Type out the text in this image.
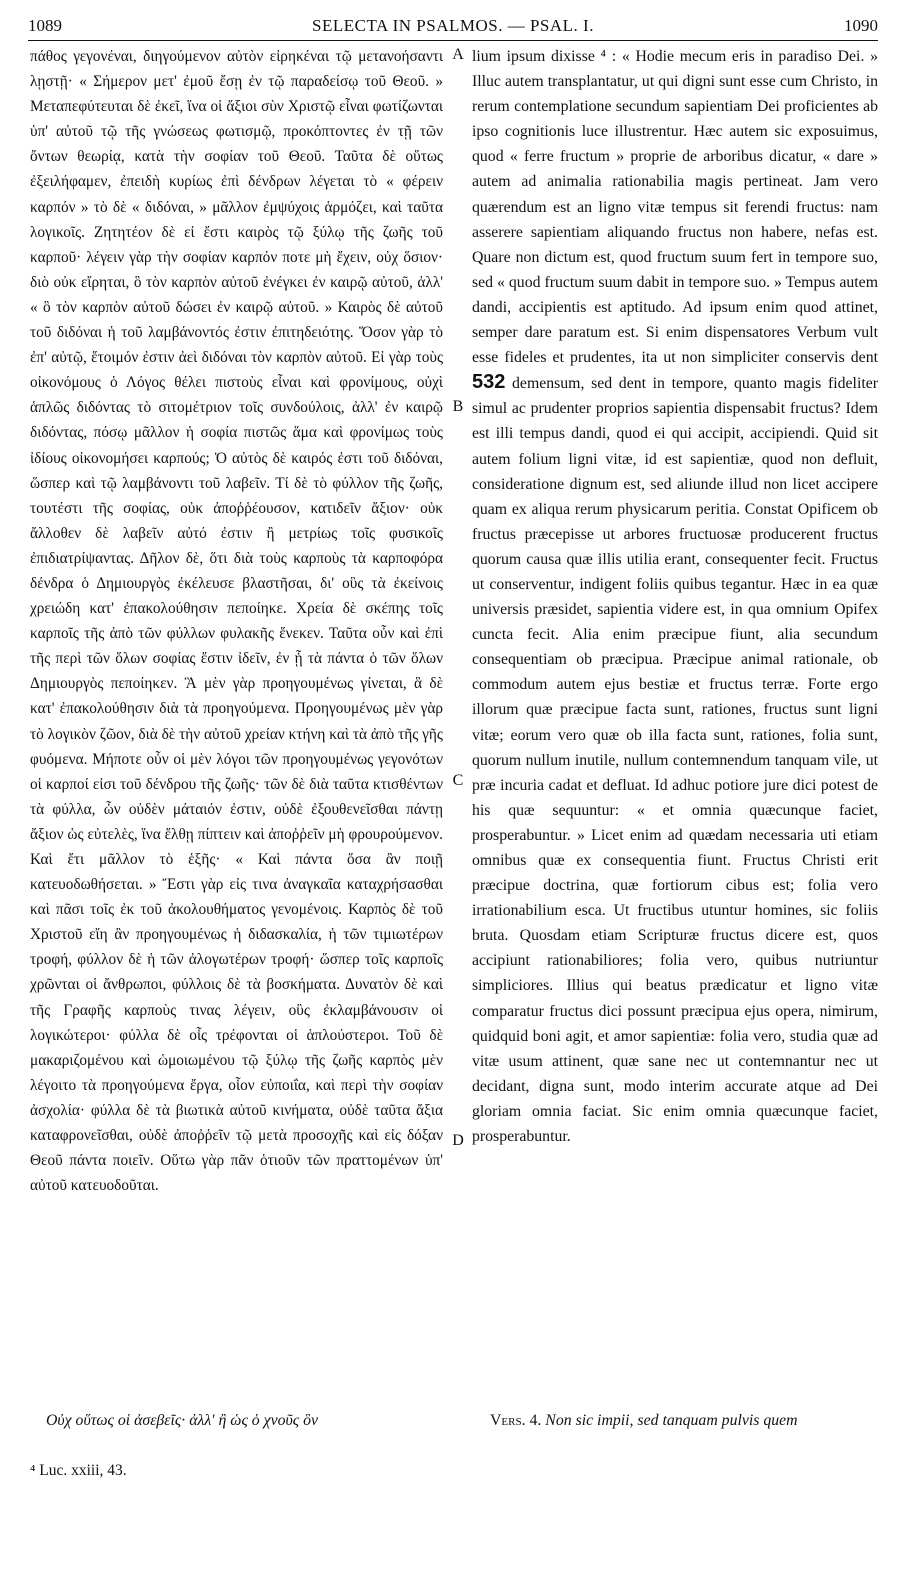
1089	SELECTA IN PSALMOS. — PSAL. I.	1090

πάθος γεγονέναι, διηγούμενον αὐτὸν εἰρηκέναι τῷ μετανοήσαντι λῃστῇ· « Σήμερον μετ' ἐμοῦ ἔσῃ ἐν τῷ παραδείσῳ τοῦ Θεοῦ. » Μεταπεφύτευται δὲ ἐκεῖ, ἵνα οἱ ἄξιοι σὺν Χριστῷ εἶναι φωτίζωνται ὑπ' αὐτοῦ τῷ τῆς γνώσεως φωτισμῷ, προκόπτοντες ἐν τῇ τῶν ὄντων θεωρίᾳ, κατὰ τὴν σοφίαν τοῦ Θεοῦ. Ταῦτα δὲ οὕτως ἐξειλήφαμεν, ἐπειδὴ κυρίως ἐπὶ δένδρων λέγεται τὸ « φέρειν καρπόν » τὸ δὲ « διδόναι, » μᾶλλον ἐμψύχοις ἁρμόζει, καὶ ταῦτα λογικοῖς. Ζητητέον δὲ εἰ ἔστι καιρὸς τῷ ξύλῳ τῆς ζωῆς τοῦ καρποῦ· λέγειν γὰρ τὴν σοφίαν καρπόν ποτε μὴ ἔχειν, οὐχ ὅσιον· διὸ οὐκ εἴρηται, ὃ τὸν καρπὸν αὐτοῦ ἐνέγκει ἐν καιρῷ αὐτοῦ, ἀλλ' « ὃ τὸν καρπὸν αὐτοῦ δώσει ἐν καιρῷ αὐτοῦ. » Καιρὸς δὲ αὐτοῦ τοῦ διδόναι ἡ τοῦ λαμβάνοντός ἐστιν ἐπιτηδειότης. Ὅσον γὰρ τὸ ἐπ' αὐτῷ, ἕτοιμόν ἐστιν ἀεὶ διδόναι τὸν καρπὸν αὐτοῦ. Εἰ γὰρ τοὺς οἰκονόμους ὁ Λόγος θέλει πιστοὺς εἶναι καὶ φρονίμους, οὐχὶ ἁπλῶς διδόντας τὸ σιτομέτριον τοῖς συνδούλοις, ἀλλ' ἐν καιρῷ διδόντας, πόσῳ μᾶλλον ἡ σοφία πιστῶς ἅμα καὶ φρονίμως τοὺς ἰδίους οἰκονομήσει καρπούς; Ὁ αὐτὸς δὲ καιρός ἐστι τοῦ διδόναι, ὥσπερ καὶ τῷ λαμβάνοντι τοῦ λαβεῖν. Τί δὲ τὸ φύλλον τῆς ζωῆς, τουτέστι τῆς σοφίας, οὐκ ἀποῤῥέουσον, κατιδεῖν ἄξιον· οὐκ ἄλλοθεν δὲ λαβεῖν αὐτό ἐστιν ἢ μετρίως τοῖς φυσικοῖς ἐπιδιατρίψαντας. Δῆλον δὲ, ὅτι διὰ τοὺς καρποὺς τὰ καρποφόρα δένδρα ὁ Δημιουργὸς ἐκέλευσε βλαστῆσαι, δι' οὓς τὰ ἐκείνοις χρειώδη κατ' ἐπακολούθησιν πεποίηκε. Χρεία δὲ σκέπης τοῖς καρποῖς τῆς ἀπὸ τῶν φύλλων φυλακῆς ἕνεκεν. Ταῦτα οὖν καὶ ἐπὶ τῆς περὶ τῶν ὅλων σοφίας ἔστιν ἰδεῖν, ἐν ᾗ τὰ πάντα ὁ τῶν ὅλων Δημιουργὸς πεποίηκεν. Ἃ μὲν γὰρ προηγουμένως γίνεται, ἃ δὲ κατ' ἐπακολούθησιν διὰ τὰ προηγούμενα. Προηγουμένως μὲν γὰρ τὸ λογικὸν ζῶον, διὰ δὲ τὴν αὐτοῦ χρείαν κτήνη καὶ τὰ ἀπὸ τῆς γῆς φυόμενα. Μήποτε οὖν οἱ μὲν λόγοι τῶν προηγουμένως γεγονότων οἱ καρποί εἰσι τοῦ δένδρου τῆς ζωῆς· τῶν δὲ διὰ ταῦτα κτισθέντων τὰ φύλλα, ὧν οὐδὲν μάταιόν ἐστιν, οὐδὲ ἐξουθενεῖσθαι πάντῃ ἄξιον ὡς εὐτελὲς, ἵνα ἔλθῃ πίπτειν καὶ ἀποῤῥεῖν μὴ φρουρούμενον. Καὶ ἔτι μᾶλλον τὸ ἑξῆς· « Καὶ πάντα ὅσα ἂν ποιῇ κατευοδωθήσεται. » Ἔστι γὰρ εἰς τινα ἀναγκαῖα καταχρήσασθαι καὶ πᾶσι τοῖς ἐκ τοῦ ἀκολουθήματος γενομένοις. Καρπὸς δὲ τοῦ Χριστοῦ εἴη ἂν προηγουμένως ἡ διδασκαλία, ἡ τῶν τιμιωτέρων τροφή, φύλλον δὲ ἡ τῶν ἀλογωτέρων τροφή· ὥσπερ τοῖς καρποῖς χρῶνται οἱ ἄνθρωποι, φύλλοις δὲ τὰ βοσκήματα. Δυνατὸν δὲ καὶ τῆς Γραφῆς καρποὺς τινας λέγειν, οὓς ἐκλαμβάνουσιν οἱ λογικώτεροι· φύλλα δὲ οἷς τρέφονται οἱ ἁπλούστεροι. Τοῦ δὲ μακαριζομένου καὶ ὡμοιωμένου τῷ ξύλῳ τῆς ζωῆς καρπὸς μὲν λέγοιτο τὰ προηγούμενα ἔργα, οἷον εὐποιΐα, καὶ περὶ τὴν σοφίαν ἀσχολία· φύλλα δὲ τὰ βιωτικὰ αὐτοῦ κινήματα, οὐδὲ ταῦτα ἄξια καταφρονεῖσθαι, οὐδὲ ἀποῤῥεῖν τῷ μετὰ προσοχῆς καὶ εἰς δόξαν Θεοῦ πάντα ποιεῖν. Οὕτω γὰρ πᾶν ὁτιοῦν τῶν πραττομένων ὑπ' αὐτοῦ κατευοδοῦται.

A
B
C
D

lium ipsum dixisse ⁴ : « Hodie mecum eris in paradiso Dei. » Illuc autem transplantatur, ut qui digni sunt esse cum Christo, in rerum contemplatione secundum sapientiam Dei proficientes ab ipso cognitionis luce illustrentur. Hæc autem sic exposuimus, quod « ferre fructum » proprie de arboribus dicatur, « dare » autem ad animalia rationabilia magis pertineat. Jam vero quærendum est an ligno vitæ tempus sit ferendi fructus: nam asserere sapientiam aliquando fructus non habere, nefas est. Quare non dictum est, quod fructum suum fert in tempore suo, sed « quod fructum suum dabit in tempore suo. » Tempus autem dandi, accipientis est aptitudo. Ad ipsum enim quod attinet, semper dare paratum est. Si enim dispensatores Verbum vult esse fideles et prudentes, ita ut non simpliciter conservis dent 532 demensum, sed dent in tempore, quanto magis fideliter simul ac prudenter proprios sapientia dispensabit fructus? Idem est illi tempus dandi, quod ei qui accipit, accipiendi. Quid sit autem folium ligni vitæ, id est sapientiæ, quod non defluit, consideratione dignum est, sed aliunde illud non licet accipere quam ex aliqua rerum physicarum peritia. Constat Opificem ob fructus præcepisse ut arbores fructuosæ producerent fructus quorum causa quæ illis utilia erant, consequenter fecit. Fructus ut conserventur, indigent foliis quibus tegantur. Hæc in ea quæ universis præsidet, sapientia videre est, in qua omnium Opifex cuncta fecit. Alia enim præcipue fiunt, alia secundum consequentiam ob præcipua. Præcipue animal rationale, ob commodum autem ejus bestiæ et fructus terræ. Forte ergo illorum quæ præcipue facta sunt, rationes, fructus sunt ligni vitæ; eorum vero quæ ob illa facta sunt, rationes, folia sunt, quorum nullum inutile, nullum contemnendum tanquam vile, ut præ incuria cadat et defluat. Id adhuc potiore jure dici potest de his quæ sequuntur: « et omnia quæcunque faciet, prosperabuntur. » Licet enim ad quædam necessaria uti etiam omnibus quæ ex consequentia fiunt. Fructus Christi erit præcipue doctrina, quæ fortiorum cibus est; folia vero irrationabilium esca. Ut fructibus utuntur homines, sic foliis bruta. Quosdam etiam Scripturæ fructus dicere est, quos accipiunt rationabiliores; folia vero, quibus nutriuntur simpliciores. Illius qui beatus prædicatur et ligno vitæ comparatur fructus dici possunt præcipua ejus opera, nimirum, quidquid boni agit, et amor sapientiæ: folia vero, studia quæ ad vitæ usum attinent, quæ sane nec ut contemnantur nec ut decidant, digna sunt, modo interim accurate atque ad Dei gloriam omnia faciat. Sic enim omnia quæcunque faciet, prosperabuntur.

Οὐχ οὕτως οἱ ἀσεβεῖς· ἀλλ' ἢ ὡς ὁ χνοῦς ὃν	Vers. 4. Non sic impii, sed tanquam pulvis quem
⁴ Luc. xxiii, 43.
